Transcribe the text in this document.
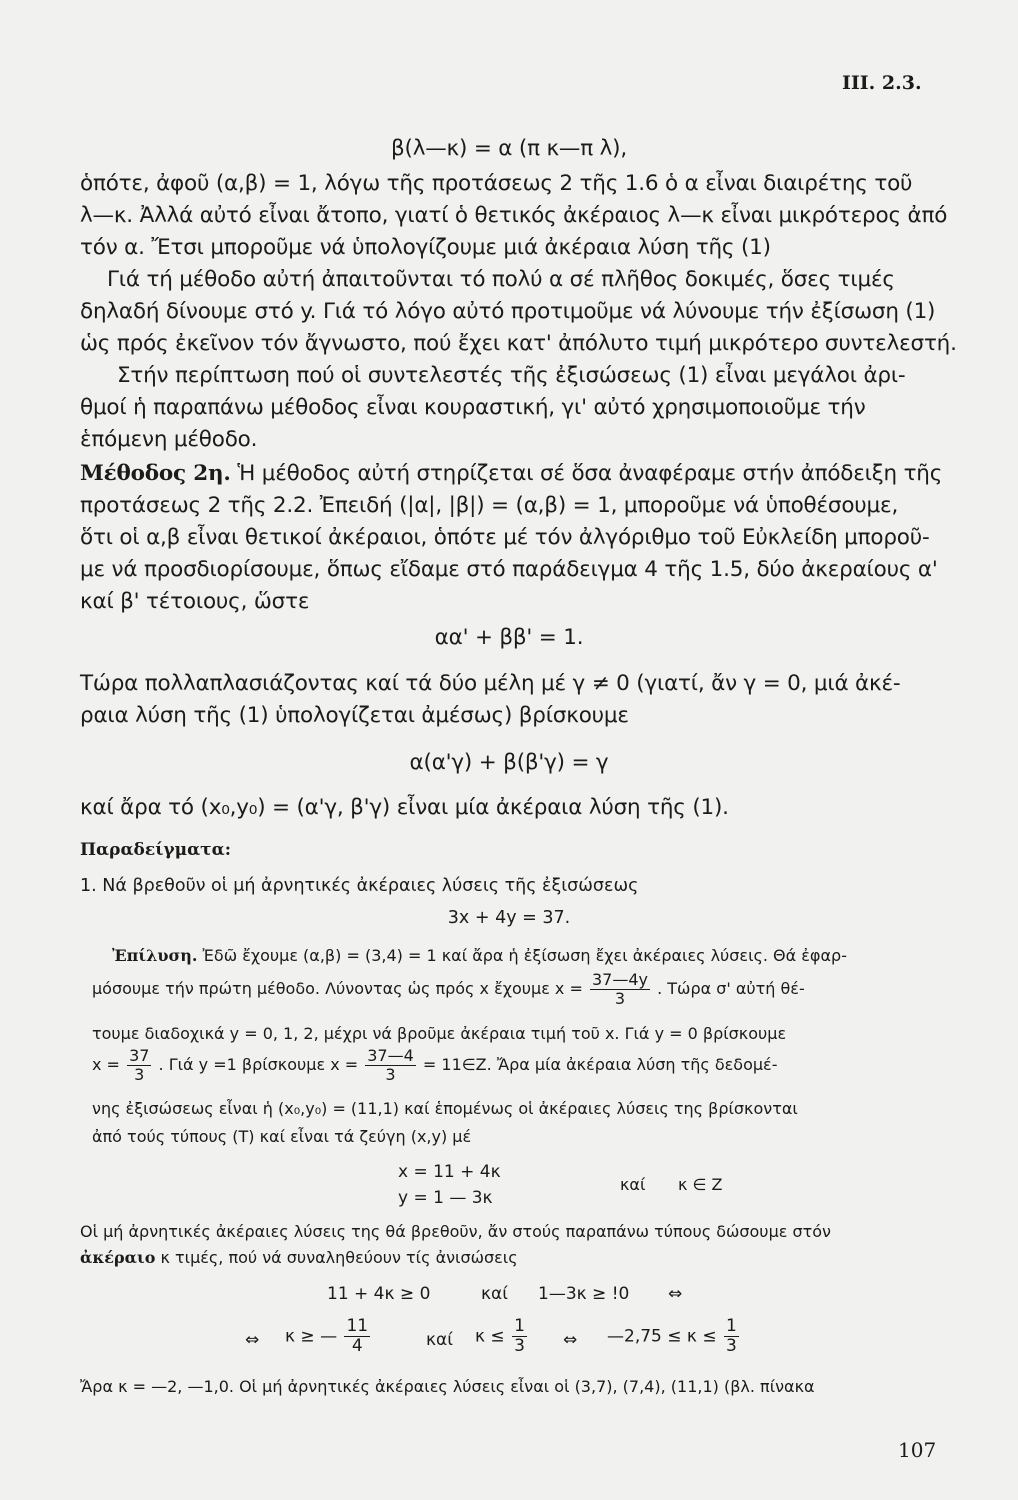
III. 2.3.
β(λ—κ) = α (π κ—π λ),
ὁπότε, ἀφοῦ (α,β) = 1, λόγω τῆς προτάσεως 2 τῆς 1.6 ὁ α εἶναι διαιρέτης τοῦ
λ—κ. Ἀλλά αὐτό εἶναι ἄτοπο, γιατί ὁ θετικός ἀκέραιος λ—κ εἶναι μικρότερος ἀπό
τόν α. Ἔτσι μποροῦμε νά ὑπολογίζουμε μιά ἀκέραια λύση τῆς (1)
Γιά τή μέθοδο αὐτή ἀπαιτοῦνται τό πολύ α σέ πλῆθος δοκιμές, ὅσες τιμές
δηλαδή δίνουμε στό y. Γιά τό λόγο αὐτό προτιμοῦμε νά λύνουμε τήν ἐξίσωση (1)
ὡς πρός ἐκεῖνον τόν ἄγνωστο, πού ἔχει κατ' ἀπόλυτο τιμή μικρότερο συντελεστή.
Στήν περίπτωση πού οἱ συντελεστές τῆς ἐξισώσεως (1) εἶναι μεγάλοι ἀρι-
θμοί ἡ παραπάνω μέθοδος εἶναι κουραστική, γι' αὐτό χρησιμοποιοῦμε τήν
ἑπόμενη μέθοδο.
Μέθοδος 2η. Ἡ μέθοδος αὐτή στηρίζεται σέ ὅσα ἀναφέραμε στήν ἀπόδειξη τῆς
προτάσεως 2 τῆς 2.2. Ἐπειδή (|α|, |β|) = (α,β) = 1, μποροῦμε νά ὑποθέσουμε,
ὅτι οἱ α,β εἶναι θετικοί ἀκέραιοι, ὁπότε μέ τόν ἀλγόριθμο τοῦ Εὐκλείδη μποροῦ-
με νά προσδιορίσουμε, ὅπως εἴδαμε στό παράδειγμα 4 τῆς 1.5, δύο ἀκεραίους α'
καί β' τέτοιους, ὥστε
αα' + ββ' = 1.
Τώρα πολλαπλασιάζοντας καί τά δύο μέλη μέ γ ≠ 0 (γιατί, ἄν γ = 0, μιά ἀκέ-
ραια λύση τῆς (1) ὑπολογίζεται ἀμέσως) βρίσκουμε
α(α'γ) + β(β'γ) = γ
καί ἄρα τό (x₀,y₀) = (α'γ, β'γ) εἶναι μία ἀκέραια λύση τῆς (1).
Παραδείγματα:
1. Νά βρεθοῦν οἱ μή ἀρνητικές ἀκέραιες λύσεις τῆς ἐξισώσεως
3x + 4y = 37.
Ἐπίλυση. Ἐδῶ ἔχουμε (α,β) = (3,4) = 1 καί ἄρα ἡ ἐξίσωση ἔχει ἀκέραιες λύσεις. Θά ἐφαρ-
μόσουμε τήν πρώτη μέθοδο. Λύνοντας ὡς πρός x ἔχουμε $x = \frac{37—4y}{3}$ . Τώρα σ' αὐτή θέ-
τουμε διαδοχικά y = 0, 1, 2, μέχρι νά βροῦμε ἀκέραια τιμή τοῦ x. Γιά y = 0 βρίσκουμε
$x = \frac{37}{3}$ . Γιά y =1 βρίσκουμε $x = \frac{37—4}{3}$ = 11∈Z. Ἄρα μία ἀκέραια λύση τῆς δεδομέ-
νης ἐξισώσεως εἶναι ἡ (x₀,y₀) = (11,1) καί ἑπομένως οἱ ἀκέραιες λύσεις της βρίσκονται
ἀπό τούς τύπους (Τ) καί εἶναι τά ζεύγη (x,y) μέ
x = 11 + 4κ
y = 1 — 3κ
καί κ ∈ Z
Οἱ μή ἀρνητικές ἀκέραιες λύσεις της θά βρεθοῦν, ἄν στούς παραπάνω τύπους δώσουμε στόν
ἀκέραιο κ τιμές, πού νά συναληθεύουν τίς ἀνισώσεις
11 + 4κ ≥ 0	καί 1—3κ ≥ !0 ⇔
⇔ κ ≥ — $\frac{11}{4}$	καί $\kappa \le \frac{1}{3}$ ⇔ —2,75 ≤ $\kappa \le \frac{1}{3}$
Ἄρα κ = —2, —1,0. Οἱ μή ἀρνητικές ἀκέραιες λύσεις εἶναι οἱ (3,7), (7,4), (11,1) (βλ. πίνακα
107
